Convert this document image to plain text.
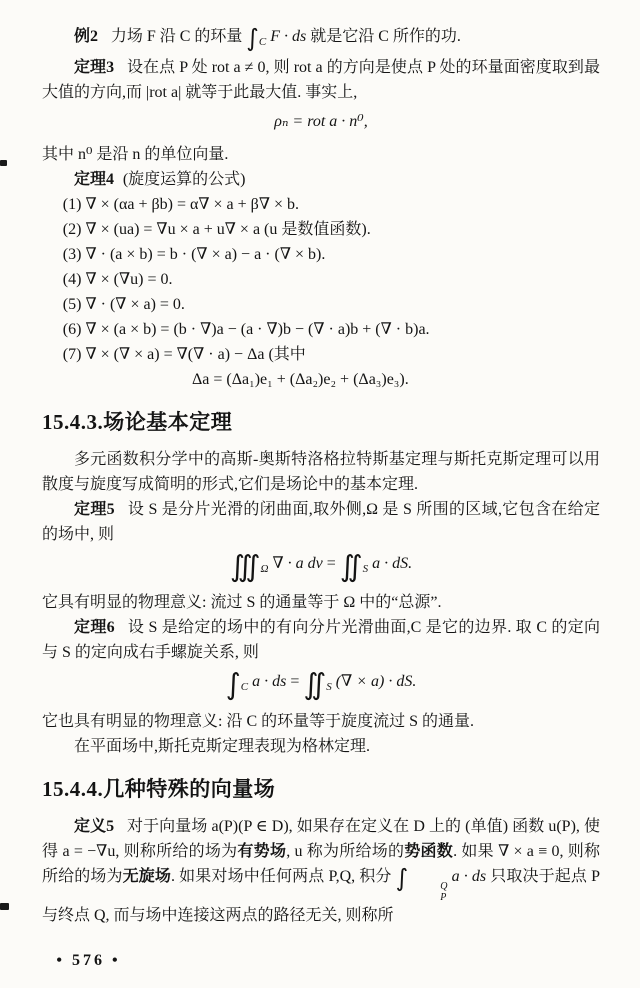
例2 力场 F 沿 C 的环量 $\int_C$ F · ds 就是它沿 C 所作的功.

定理3 设在点 P 处 rot a ≠ 0, 则 rot a 的方向是使点 P 处的环量面密度取到最大值的方向,而 |rot a| 就等于此最大值. 事实上,

ρₙ = rot a · n⁰,

其中 n⁰ 是沿 n 的单位向量.

定理4 (旋度运算的公式)

(1) ∇ × (αa + βb) = α∇ × a + β∇ × b.

(2) ∇ × (ua) = ∇u × a + u∇ × a (u 是数值函数).

(3) ∇ · (a × b) = b · (∇ × a) − a · (∇ × b).

(4) ∇ × (∇u) = 0.

(5) ∇ · (∇ × a) = 0.

(6) ∇ × (a × b) = (b · ∇)a − (a · ∇)b − (∇ · a)b + (∇ · b)a.

(7) ∇ × (∇ × a) = ∇(∇ · a) − Δa (其中

Δa = (Δa₁)e₁ + (Δa₂)e₂ + (Δa₃)e₃).

15.4.3.场论基本定理

多元函数积分学中的高斯-奥斯特洛格拉特斯基定理与斯托克斯定理可以用散度与旋度写成简明的形式,它们是场论中的基本定理.

定理5 设 S 是分片光滑的闭曲面,取外侧,Ω 是 S 所围的区域,它包含在给定的场中, 则

$∭_\Omega$ ∇ · a dv = $∬_S$ a · dS.

它具有明显的物理意义: 流过 S 的通量等于 Ω 中的“总源”.

定理6 设 S 是给定的场中的有向分片光滑曲面,C 是它的边界. 取 C 的定向与 S 的定向成右手螺旋关系, 则

$\int_C$ a · ds = $∬_S$ (∇ × a) · dS.

它也具有明显的物理意义: 沿 C 的环量等于旋度流过 S 的通量.

在平面场中,斯托克斯定理表现为格林定理.

15.4.4.几种特殊的向量场

定义5 对于向量场 a(P)(P ∈ D), 如果存在定义在 D 上的 (单值) 函数 u(P), 使得 a = −∇u, 则称所给的场为有势场, u 称为所给场的势函数. 如果 ∇ × a ≡ 0, 则称所给的场为无旋场. 如果对场中任何两点 P,Q, 积分 ∫	Q
P
a · ds 只取决于起点 P 与终点 Q, 而与场中连接这两点的路径无关, 则称所

• 576 •
